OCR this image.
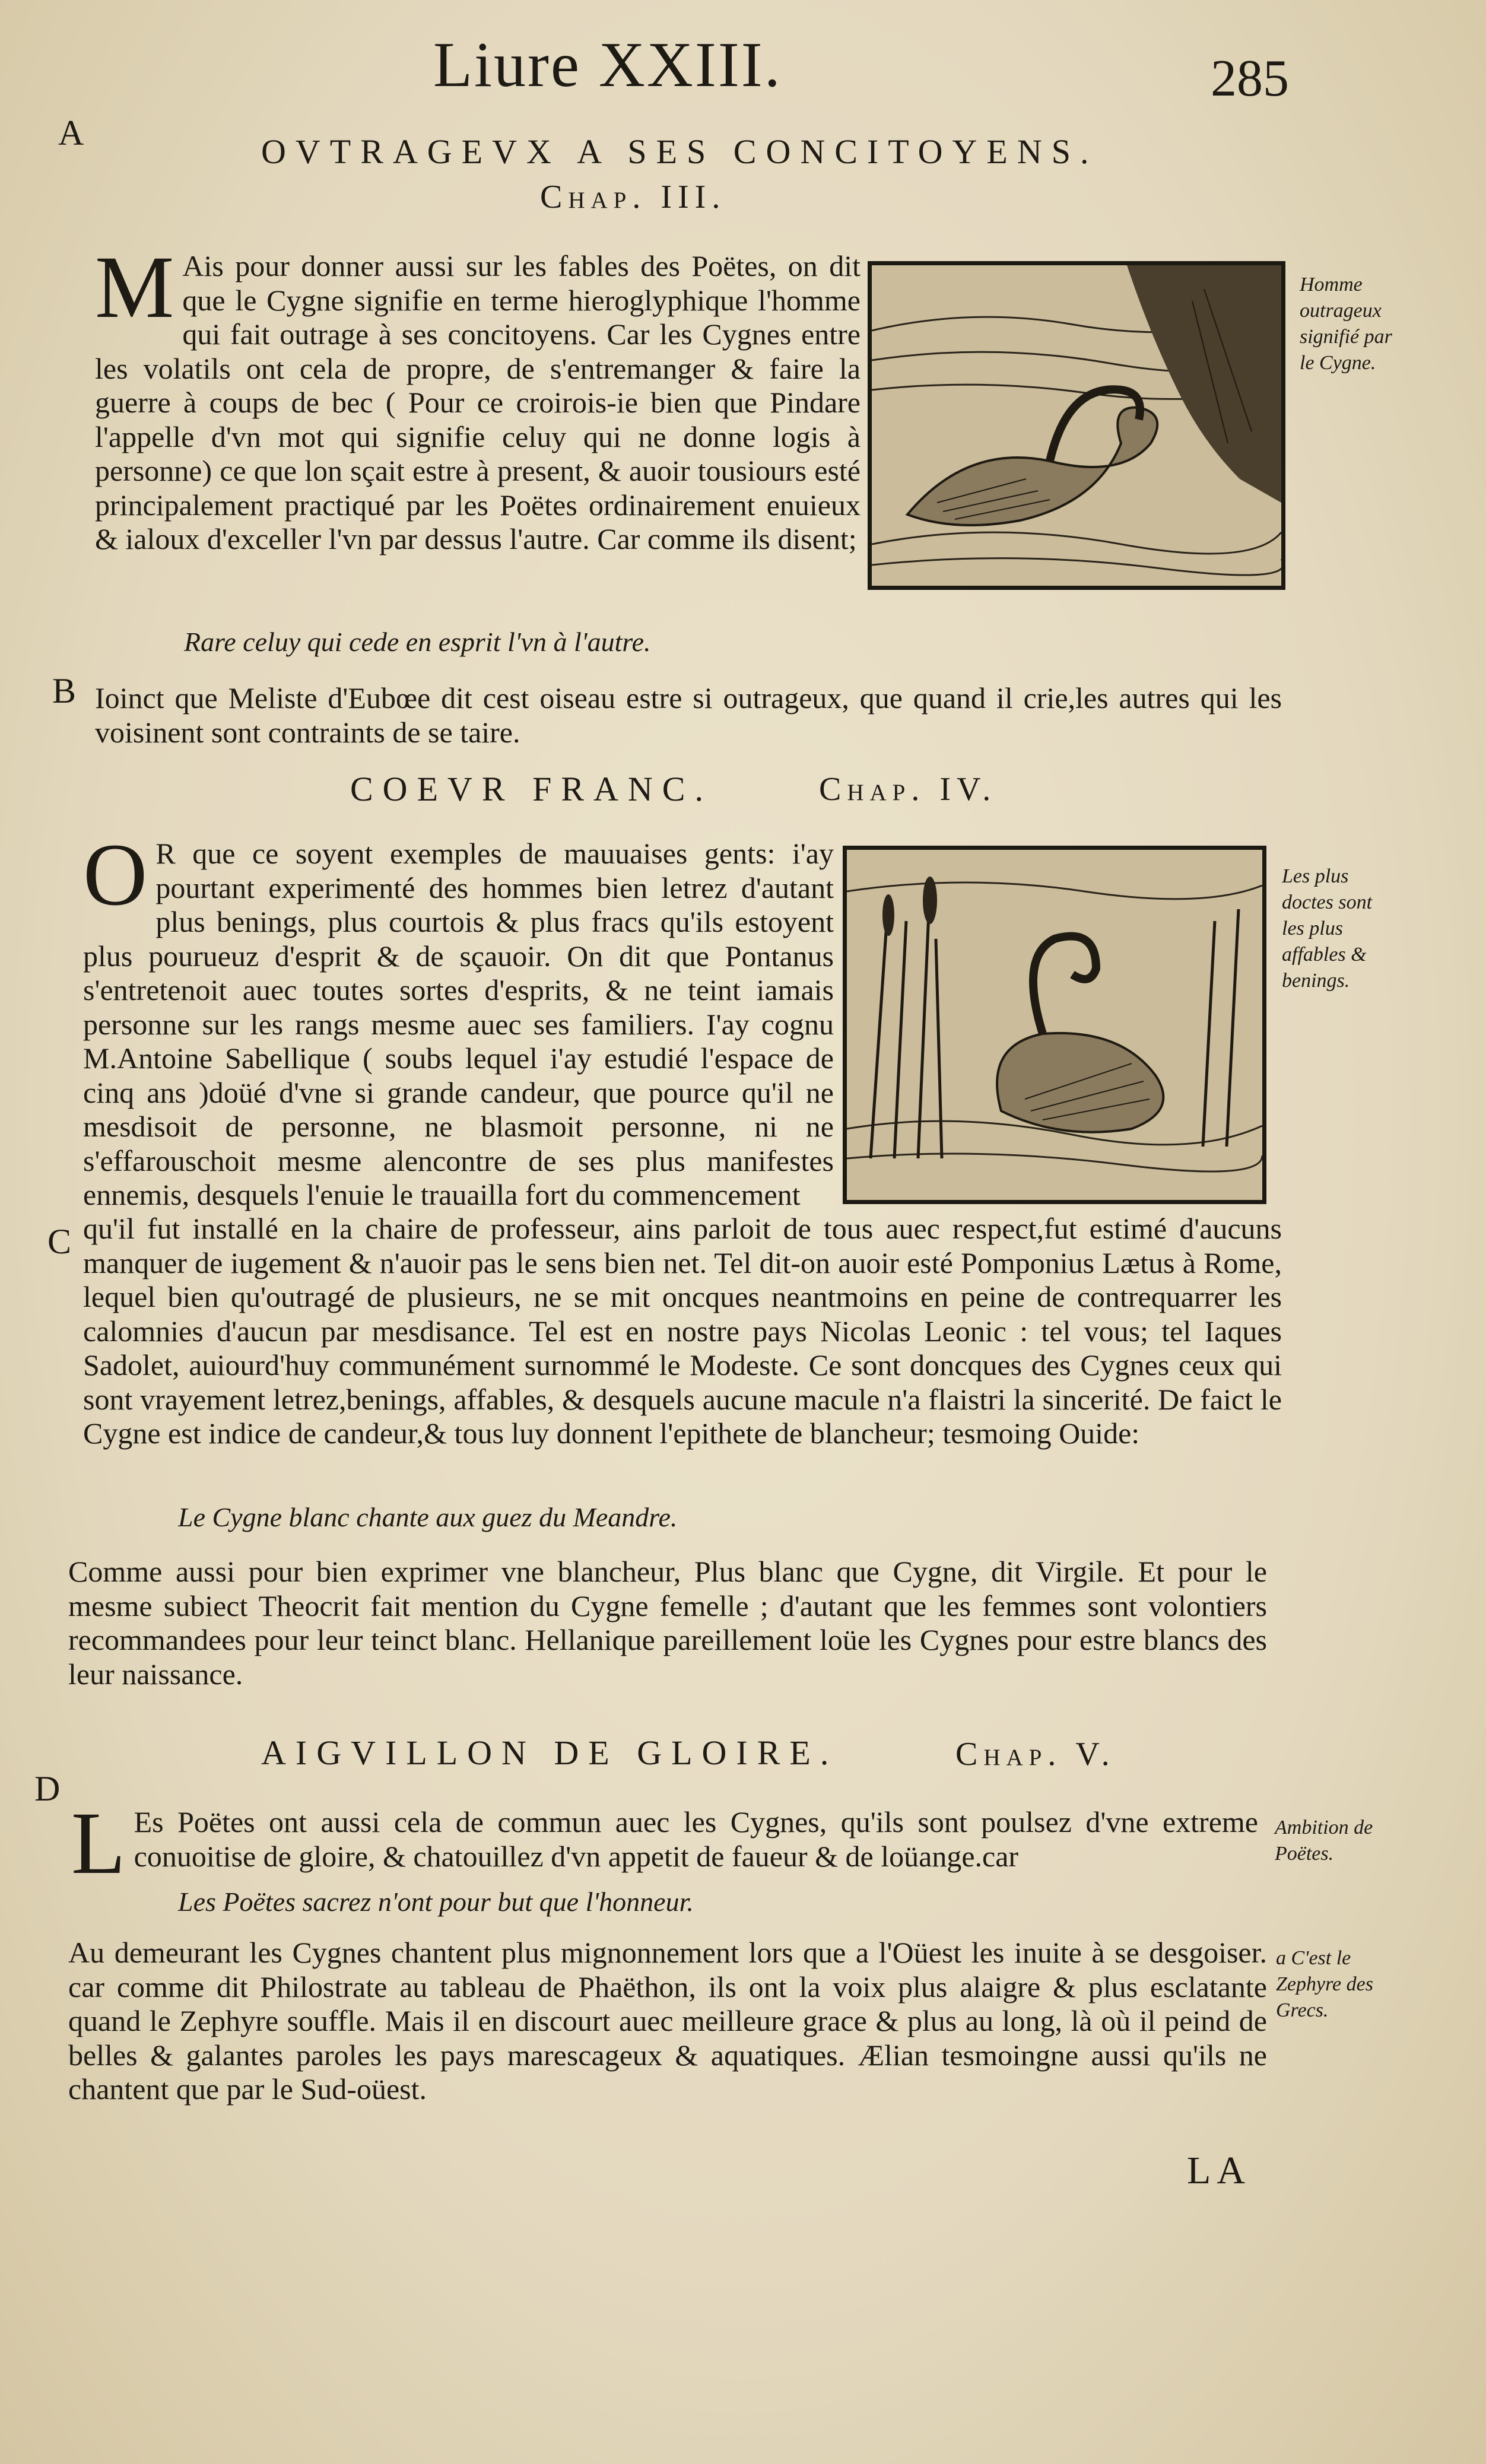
Liure XXIII.	285
A
B
C
D
OVTRAGEVX A SES CONCITOYENS.
Chap. III.
M Ais pour donner aussi sur les fables des Poëtes, on dit que le Cygne signifie en terme hieroglyphique l'homme qui fait outrage à ses concitoyens. Car les Cygnes entre les volatils ont cela de propre, de s'entremanger & faire la guerre à coups de bec ( Pour ce croirois-ie bien que Pindare l'appelle d'vn mot qui signifie celuy qui ne donne logis à personne) ce que lon sçait estre à present, & auoir tousiours esté principalement practiqué par les Poëtes ordinairement enuieux & ialoux d'exceller l'vn par dessus l'autre. Car comme ils disent;
Homme outrageux signifié par le Cygne.
Rare celuy qui cede en esprit l'vn à l'autre.
Ioinct que Meliste d'Eubœe dit cest oiseau estre si outrageux, que quand il crie,les autres qui les voisinent sont contraints de se taire.
COEVR FRANC.	Chap. IV.
O R que ce soyent exemples de mauuaises gents: i'ay pourtant experimenté des hommes bien letrez d'autant plus benings, plus courtois & plus fracs qu'ils estoyent plus pourueuz d'esprit & de sçauoir. On dit que Pontanus s'entretenoit auec toutes sortes d'esprits, & ne teint iamais personne sur les rangs mesme auec ses familiers. I'ay cognu M.Antoine Sabellique ( soubs lequel i'ay estudié l'espace de cinq ans )doüé d'vne si grande candeur, que pource qu'il ne mesdisoit de personne, ne blasmoit personne, ni ne s'effarouschoit mesme alencontre de ses plus manifestes ennemis, desquels l'enuie le trauailla fort du commencement
Les plus doctes sont les plus affables & benings.
qu'il fut installé en la chaire de professeur, ains parloit de tous auec respect,fut estimé d'aucuns manquer de iugement & n'auoir pas le sens bien net. Tel dit-on auoir esté Pomponius Lætus à Rome, lequel bien qu'outragé de plusieurs, ne se mit oncques neantmoins en peine de contrequarrer les calomnies d'aucun par mesdisance. Tel est en nostre pays Nicolas Leonic : tel vous; tel Iaques Sadolet, auiourd'huy communément surnommé le Modeste. Ce sont doncques des Cygnes ceux qui sont vrayement letrez,benings, affables, & desquels aucune macule n'a flaistri la sincerité. De faict le Cygne est indice de candeur,& tous luy donnent l'epithete de blancheur; tesmoing Ouide:
Le Cygne blanc chante aux guez du Meandre.
Comme aussi pour bien exprimer vne blancheur, Plus blanc que Cygne, dit Virgile. Et pour le mesme subiect Theocrit fait mention du Cygne femelle ; d'autant que les femmes sont volontiers recommandees pour leur teinct blanc. Hellanique pareillement loüe les Cygnes pour estre blancs des leur naissance.
AIGVILLON DE GLOIRE.	Chap. V.
L Es Poëtes ont aussi cela de commun auec les Cygnes, qu'ils sont poulsez d'vne extreme conuoitise de gloire, & chatouillez d'vn appetit de faueur & de loüange.car
Ambition de Poëtes.
Les Poëtes sacrez n'ont pour but que l'honneur.
Au demeurant les Cygnes chantent plus mignonnement lors que a l'Oüest les inuite à se desgoiser. car comme dit Philostrate au tableau de Phaëthon, ils ont la voix plus alaigre & plus esclatante quand le Zephyre souffle. Mais il en discourt auec meilleure grace & plus au long, là où il peind de belles & galantes paroles les pays marescageux & aquatiques. Ælian tesmoingne aussi qu'ils ne chantent que par le Sud-oüest.
a C'est le Zephyre des Grecs.
LA
